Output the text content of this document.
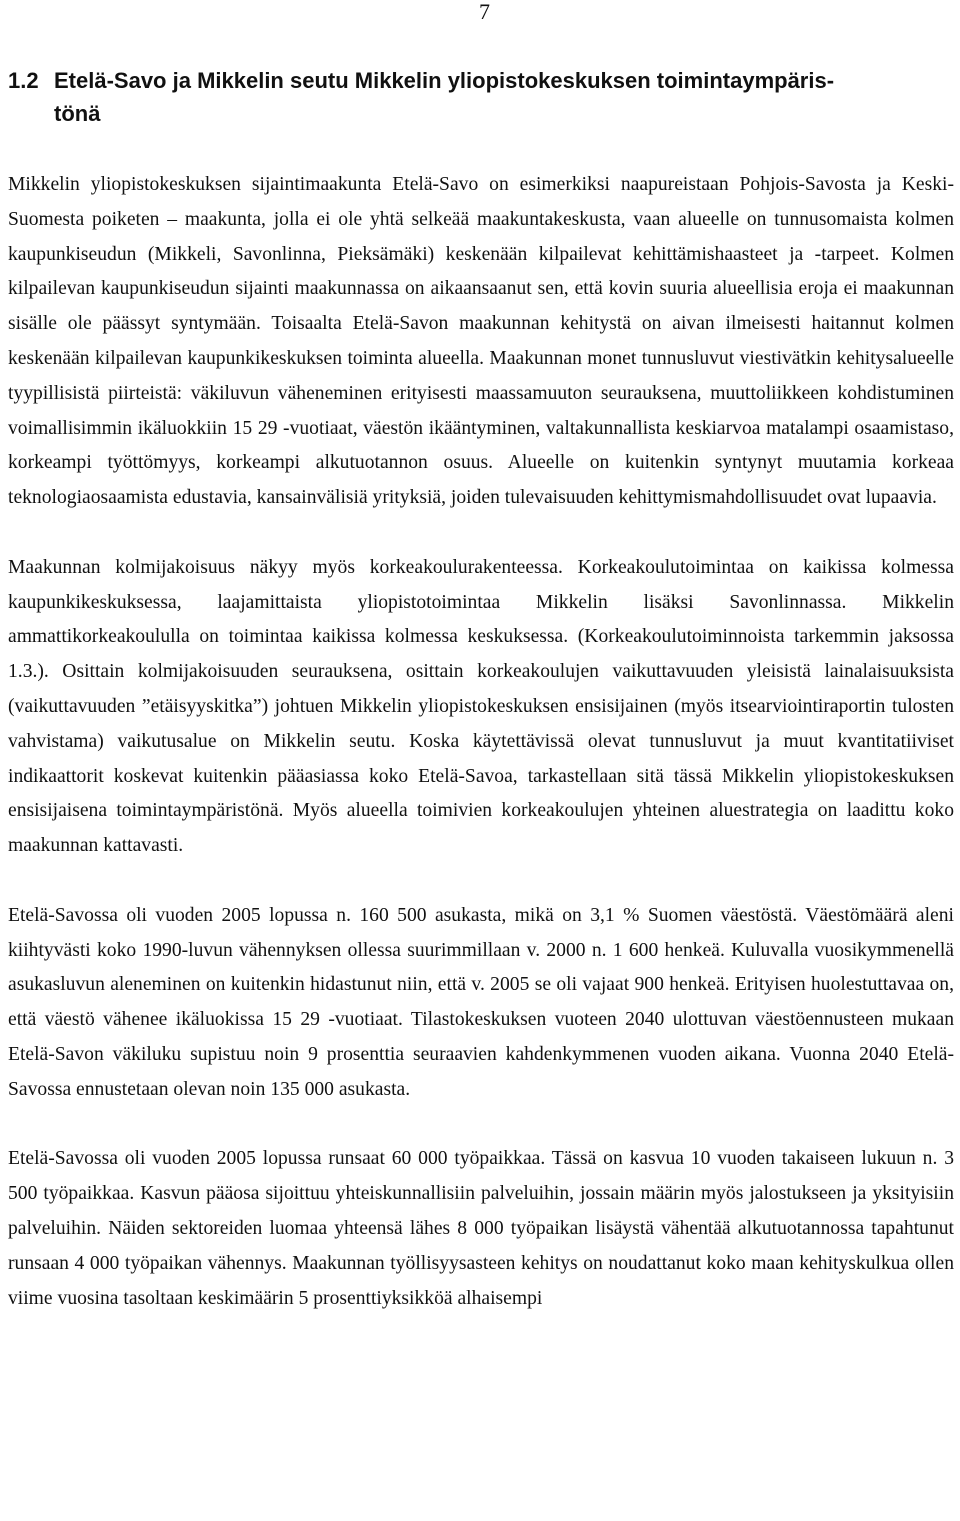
7
1.2 Etelä-Savo ja Mikkelin seutu Mikkelin yliopistokeskuksen toimintaympäris-
tönä

Mikkelin yliopistokeskuksen sijaintimaakunta Etelä-Savo on esimerkiksi naapureistaan Pohjois-Savosta ja Keski-Suomesta poiketen – maakunta, jolla ei ole yhtä selkeää maakuntakeskusta, vaan alueelle on tunnusomaista kolmen kaupunkiseudun (Mikkeli, Savonlinna, Pieksämäki) keskenään kilpailevat kehittämishaasteet ja -tarpeet. Kolmen kilpailevan kaupunkiseudun sijainti maakunnassa on aikaansaanut sen, että kovin suuria alueellisia eroja ei maakunnan sisälle ole päässyt syntymään. Toisaalta Etelä-Savon maakunnan kehitystä on aivan ilmeisesti haitannut kolmen keskenään kilpailevan kaupunkikeskuksen toiminta alueella. Maakunnan monet tunnusluvut viestivätkin kehitysalueelle tyypillisistä piirteistä: väkiluvun väheneminen erityisesti maassamuuton seurauksena, muuttoliikkeen kohdistuminen voimallisimmin ikäluokkiin 15 29 -vuotiaat, väestön ikääntyminen, valtakunnallista keskiarvoa matalampi osaamistaso, korkeampi työttömyys, korkeampi alkutuotannon osuus. Alueelle on kuitenkin syntynyt muutamia korkeaa teknologiaosaamista edustavia, kansainvälisiä yrityksiä, joiden tulevaisuuden kehittymismahdollisuudet ovat lupaavia.

Maakunnan kolmijakoisuus näkyy myös korkeakoulurakenteessa. Korkeakoulutoimintaa on kaikissa kolmessa kaupunkikeskuksessa, laajamittaista yliopistotoimintaa Mikkelin lisäksi Savonlinnassa. Mikkelin ammattikorkeakoululla on toimintaa kaikissa kolmessa keskuksessa. (Korkeakoulutoiminnoista tarkemmin jaksossa 1.3.). Osittain kolmijakoisuuden seurauksena, osittain korkeakoulujen vaikuttavuuden yleisistä lainalaisuuksista (vaikuttavuuden ”etäisyyskitka”) johtuen Mikkelin yliopistokeskuksen ensisijainen (myös itsearviointiraportin tulosten vahvistama) vaikutusalue on Mikkelin seutu. Koska käytettävissä olevat tunnusluvut ja muut kvantitatiiviset indikaattorit koskevat kuitenkin pääasiassa koko Etelä-Savoa, tarkastellaan sitä tässä Mikkelin yliopistokeskuksen ensisijaisena toimintaympäristönä. Myös alueella toimivien korkeakoulujen yhteinen aluestrategia on laadittu koko maakunnan kattavasti.

Etelä-Savossa oli vuoden 2005 lopussa n. 160 500 asukasta, mikä on 3,1 % Suomen väestöstä. Väestömäärä aleni kiihtyvästi koko 1990-luvun vähennyksen ollessa suurimmillaan v. 2000 n. 1 600 henkeä. Kuluvalla vuosikymmenellä asukasluvun aleneminen on kuitenkin hidastunut niin, että v. 2005 se oli vajaat 900 henkeä. Erityisen huolestuttavaa on, että väestö vähenee ikäluokissa 15 29 -vuotiaat. Tilastokeskuksen vuoteen 2040 ulottuvan väestöennusteen mukaan Etelä-Savon väkiluku supistuu noin 9 prosenttia seuraavien kahdenkymmenen vuoden aikana. Vuonna 2040 Etelä-Savossa ennustetaan olevan noin 135 000 asukasta.

Etelä-Savossa oli vuoden 2005 lopussa runsaat 60 000 työpaikkaa. Tässä on kasvua 10 vuoden takaiseen lukuun n. 3 500 työpaikkaa. Kasvun pääosa sijoittuu yhteiskunnallisiin palveluihin, jossain määrin myös jalostukseen ja yksityisiin palveluihin. Näiden sektoreiden luomaa yhteensä lähes 8 000 työpaikan lisäystä vähentää alkutuotannossa tapahtunut runsaan 4 000 työpaikan vähennys. Maakunnan työllisyysasteen kehitys on noudattanut koko maan kehityskulkua ollen viime vuosina tasoltaan keskimäärin 5 prosenttiyksikköä alhaisempi
